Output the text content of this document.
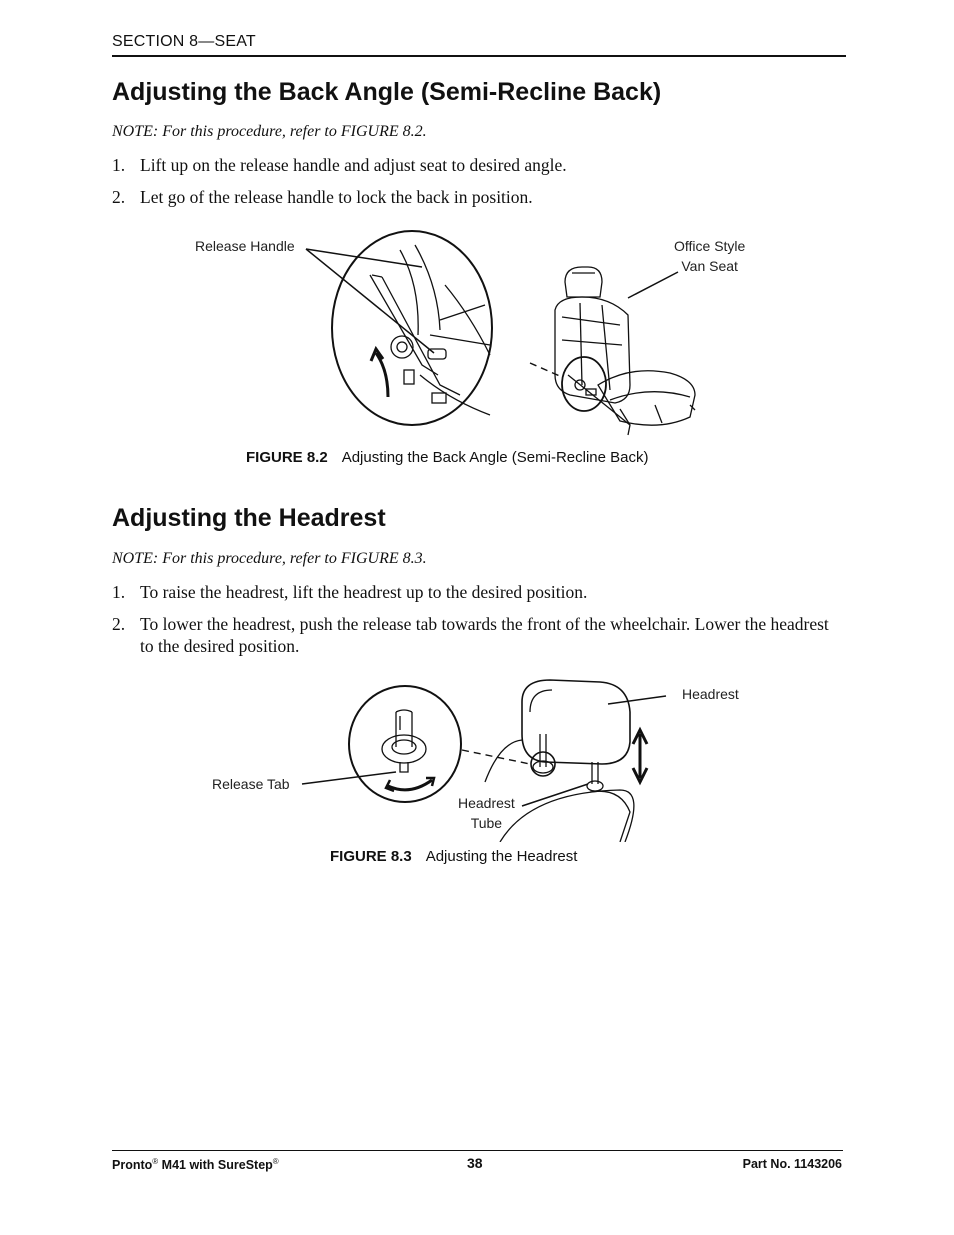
SECTION 8—SEAT
Adjusting the Back Angle (Semi-Recline Back)
NOTE: For this procedure, refer to FIGURE 8.2.
1. Lift up on the release handle and adjust seat to desired angle.
2. Let go of the release handle to lock the back in position.
Release Handle	Office Style
Van Seat
FIGURE 8.2 Adjusting the Back Angle (Semi-Recline Back)
Adjusting the Headrest
NOTE: For this procedure, refer to FIGURE 8.3.
1. To raise the headrest, lift the headrest up to the desired position.
2. To lower the headrest, push the release tab towards the front of the wheelchair. Lower the headrest to the desired position.
Headrest
Release Tab
Headrest
Tube
FIGURE 8.3 Adjusting the Headrest
Pronto® M41 with SureStep®	38	Part No. 1143206
